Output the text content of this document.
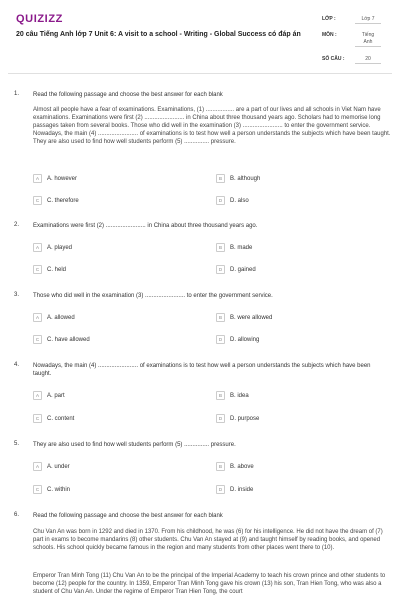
QUIZIZZ
20 câu Tiếng Anh lớp 7 Unit 6: A visit to a school - Writing - Global Success có đáp án
LỚP :	Lớp 7
MÔN :	Tiếng
Anh
SỐ CÂU :	20
1. Read the following passage and choose the best answer for each blank
Almost all people have a fear of examinations. Examinations, (1) ................. are a part of our lives and all schools in Viet Nam have examinations. Examinations were first (2) ........................ in China about three thousand years ago. Scholars had to memorise long passages taken from several books. Those who did well in the examination (3) ........................ to enter the government service. Nowadays, the main (4) ........................ of examinations is to test how well a person understands the subjects which have been taught. They are also used to find how well students perform (5) ............... pressure.
A	A. however	B	B. although
C	C. therefore	D	D. also
2. Examinations were first (2) ........................ in China about three thousand years ago.
A	A. played	B	B. made
C	C. held	D	D. gained
3. Those who did well in the examination (3) ........................ to enter the government service.
A	A. allowed	B	B. were allowed
C	C. have allowed	D	D. allowing
4. Nowadays, the main (4) ........................ of examinations is to test how well a person understands the subjects which have been taught.
A	A. part	B	B. idea
C	C. content	D	D. purpose
5. They are also used to find how well students perform (5) ............... pressure.
A	A. under	B	B. above
C	C. within	D	D. inside
6. Read the following passage and choose the best answer for each blank
Chu Van An was born in 1292 and died in 1370. From his childhood, he was (6) for his intelligence. He did not have the dream of (7) part in exams to become mandarins (8) other students. Chu Van An stayed at (9) and taught himself by reading books, and opened schools. His school quickly became famous in the region and many students from other places went there to (10).
Emperor Tran Minh Tong (11) Chu Van An to be the principal of the Imperial Academy to teach his crown prince and other students to become (12) people for the country. In 1359, Emperor Tran Minh Tong gave his crown (13) his son, Tran Hien Tong, who was also a student of Chu Van An. Under the regime of Emperor Tran Hien Tong, the court
